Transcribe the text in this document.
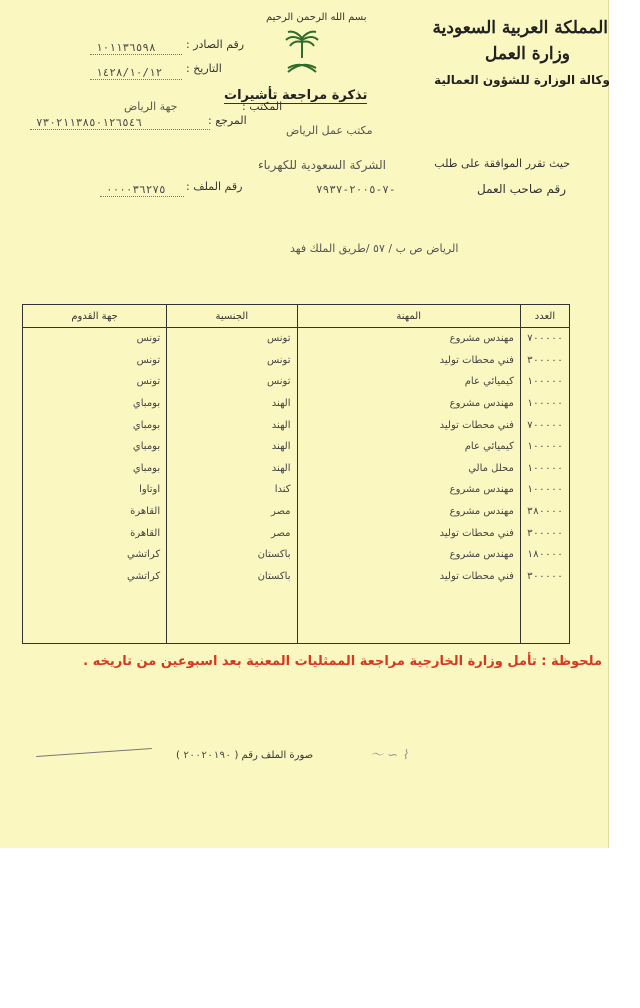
المملكة العربية السعودية
وزارة العمل
وكالة الوزارة للشؤون العمالية
بسم الله الرحمن الرحيم
تذكرة مراجعة تأشيرات
رقم الصادر :
١٠١١٣٦٥٩٨
التاريخ :
١٤٢٨/١٠/١٢
المكتب :
جهة الرياض
المرجع :
٧٣٠٢١١٣٨٥٠١٢٦٥٤٦
مكتب عمل الرياض
حيث تقرر الموافقة على طلب
الشركة السعودية للكهرباء
رقم صاحب العمل
٧-٢٠٠٥-٧٩٣٧-
رقم الملف :
٠٠٠٠٣٦٢٧٥
الرياض ص ب / ٥٧ /طريق الملك فهد
العدد	المهنة	الجنسية	جهة القدوم
٧٠٠٠٠٠	مهندس مشروع	تونس	تونس
٣٠٠٠٠٠	فني محطات توليد	تونس	تونس
١٠٠٠٠٠	كيميائي عام	تونس	تونس
١٠٠٠٠٠	مهندس مشروع	الهند	بومباي
٧٠٠٠٠٠	فني محطات توليد	الهند	بومباي
١٠٠٠٠٠	كيميائي عام	الهند	بومباي
١٠٠٠٠٠	محلل مالي	الهند	بومباي
١٠٠٠٠٠	مهندس مشروع	كندا	اوتاوا
٣٨٠٠٠٠	مهندس مشروع	مصر	القاهرة
٣٠٠٠٠٠	فني محطات توليد	مصر	القاهرة
١٨٠٠٠٠	مهندس مشروع	باكستان	كراتشي
٣٠٠٠٠٠	فني محطات توليد	باكستان	كراتشي

ملحوظة : تأمل وزارة الخارجية مراجعة الممثليات المعنية بعد اسبوعين من تاريخه .
صورة الملف رقم ( ٢٠٠٢٠١٩٠ )	〜 ∽ ⌇
